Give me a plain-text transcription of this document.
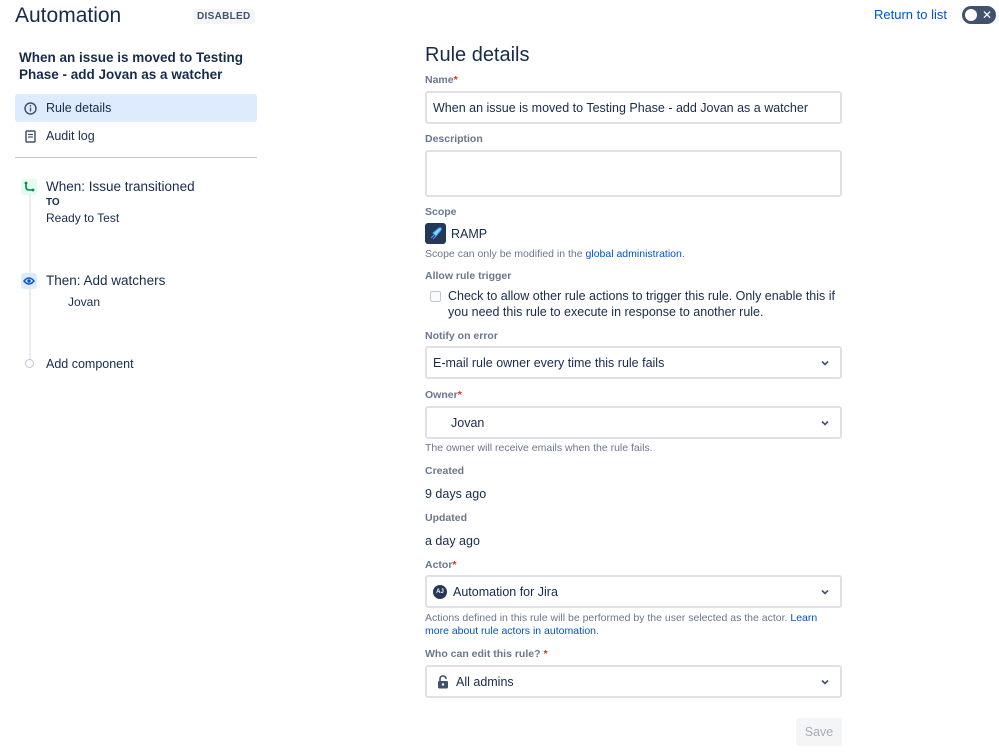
Automation	DISABLED	Return to list	✕
When an issue is moved to Testing Phase - add Jovan as a watcher
Rule details
Audit log
When: Issue transitioned
TO
Ready to Test
Then: Add watchers
Jovan
Add component
Rule details
Name*
When an issue is moved to Testing Phase - add Jovan as a watcher
Description
Scope
RAMP
Scope can only be modified in the global administration.
Allow rule trigger
Check to allow other rule actions to trigger this rule. Only enable this if you need this rule to execute in response to another rule.
Notify on error
E-mail rule owner every time this rule fails
Owner*
Jovan
The owner will receive emails when the rule fails.
Created
9 days ago
Updated
a day ago
Actor*
AJ Automation for Jira
Actions defined in this rule will be performed by the user selected as the actor. Learn more about rule actors in automation.
Who can edit this rule? *
All admins
Save
